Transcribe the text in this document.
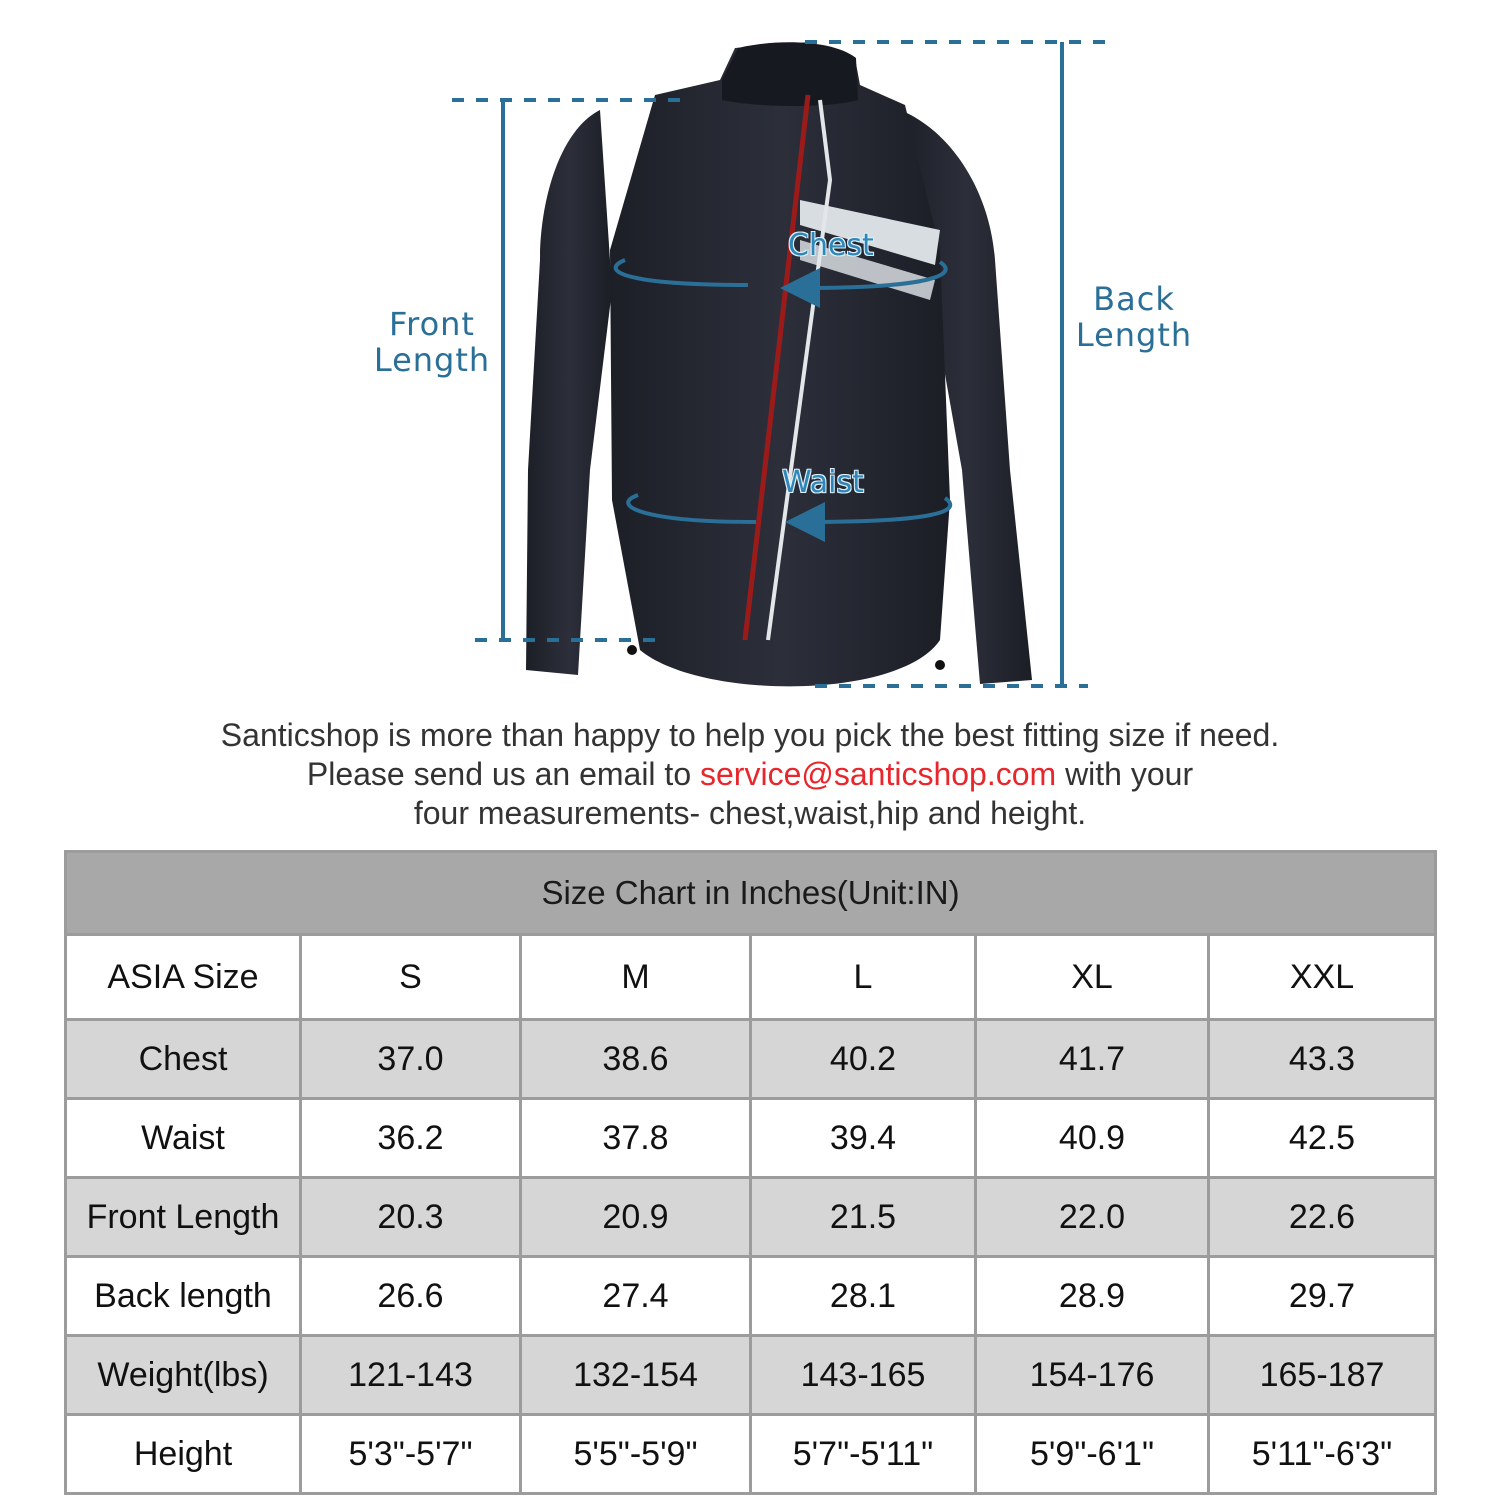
Front
Length
Back
Length
Chest
Waist

Santicshop is more than happy to help you pick the best fitting size if need.

Please send us an email to service@santicshop.com with your

four measurements- chest,waist,hip and height.

Size Chart in Inches(Unit:IN)					
ASIA Size	S	M	L	XL	XXL
Chest	37.0	38.6	40.2	41.7	43.3
Waist	36.2	37.8	39.4	40.9	42.5
Front Length	20.3	20.9	21.5	22.0	22.6
Back length	26.6	27.4	28.1	28.9	29.7
Weight(lbs)	121-143	132-154	143-165	154-176	165-187
Height	5'3"-5'7"	5'5"-5'9"	5'7"-5'11"	5'9"-6'1"	5'11"-6'3"
